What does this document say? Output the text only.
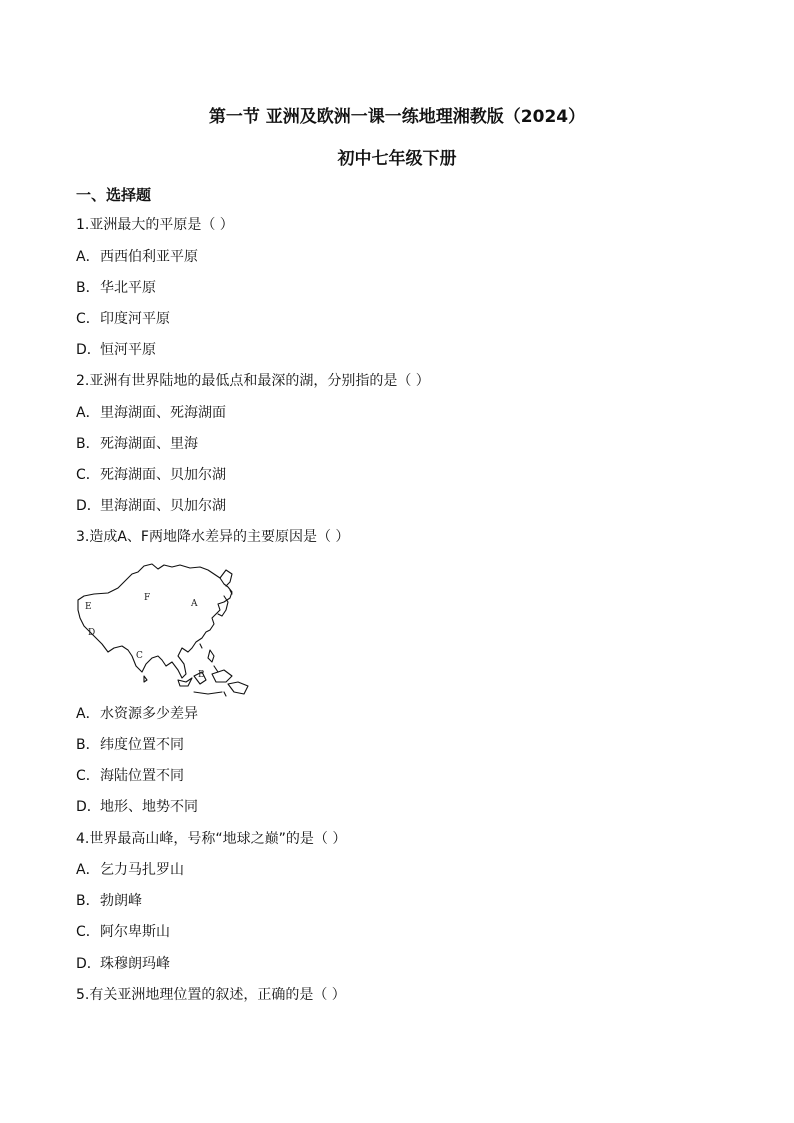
第一节 亚洲及欧洲一课一练地理湘教版（2024）
初中七年级下册
一、选择题
1.亚洲最大的平原是（ ）
A．西西伯利亚平原
B．华北平原
C．印度河平原
D．恒河平原
2.亚洲有世界陆地的最低点和最深的湖，分别指的是（ ）
A．里海湖面、死海湖面
B．死海湖面、里海
C．死海湖面、贝加尔湖
D．里海湖面、贝加尔湖
3.造成A、F两地降水差异的主要原因是（ ）
F
A
E
D
C
B
A．水资源多少差异
B．纬度位置不同
C．海陆位置不同
D．地形、地势不同
4.世界最高山峰，号称“地球之巅”的是（ ）
A．乞力马扎罗山
B．勃朗峰
C．阿尔卑斯山
D．珠穆朗玛峰
5.有关亚洲地理位置的叙述，正确的是（ ）
